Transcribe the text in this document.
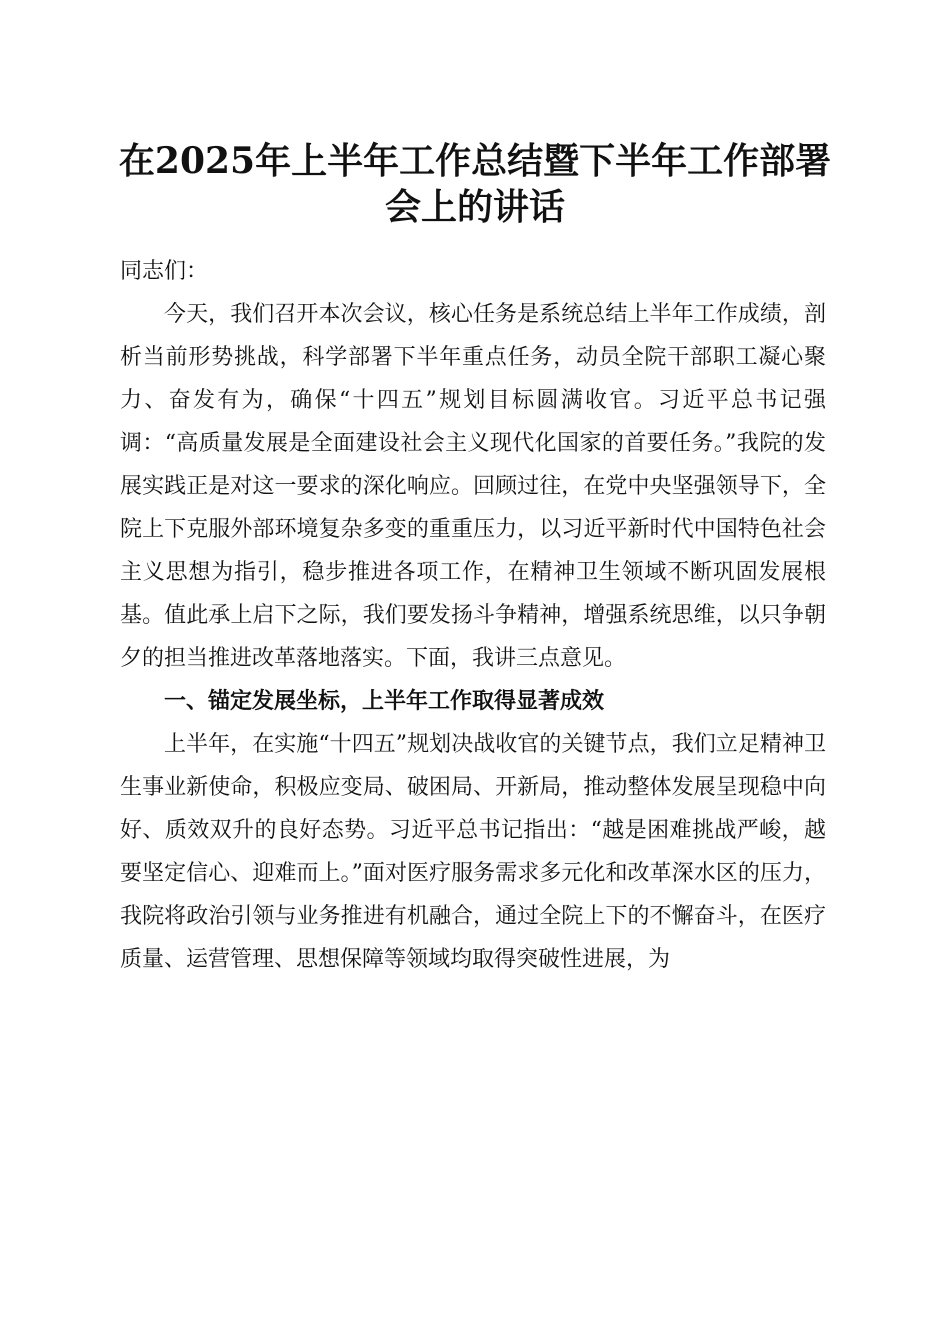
在2025年上半年工作总结暨下半年工作部署
会上的讲话

同志们：

今天，我们召开本次会议，核心任务是系统总结上半年工作成绩，剖析当前形势挑战，科学部署下半年重点任务，动员全院干部职工凝心聚力、奋发有为，确保“十四五”规划目标圆满收官。习近平总书记强调：“高质量发展是全面建设社会主义现代化国家的首要任务。”我院的发展实践正是对这一要求的深化响应。回顾过往，在党中央坚强领导下，全院上下克服外部环境复杂多变的重重压力，以习近平新时代中国特色社会主义思想为指引，稳步推进各项工作，在精神卫生领域不断巩固发展根基。值此承上启下之际，我们要发扬斗争精神，增强系统思维，以只争朝夕的担当推进改革落地落实。下面，我讲三点意见。

一、锚定发展坐标，上半年工作取得显著成效

上半年，在实施“十四五”规划决战收官的关键节点，我们立足精神卫生事业新使命，积极应变局、破困局、开新局，推动整体发展呈现稳中向好、质效双升的良好态势。习近平总书记指出：“越是困难挑战严峻，越要坚定信心、迎难而上。”面对医疗服务需求多元化和改革深水区的压力，我院将政治引领与业务推进有机融合，通过全院上下的不懈奋斗，在医疗质量、运营管理、思想保障等领域均取得突破性进展，为
